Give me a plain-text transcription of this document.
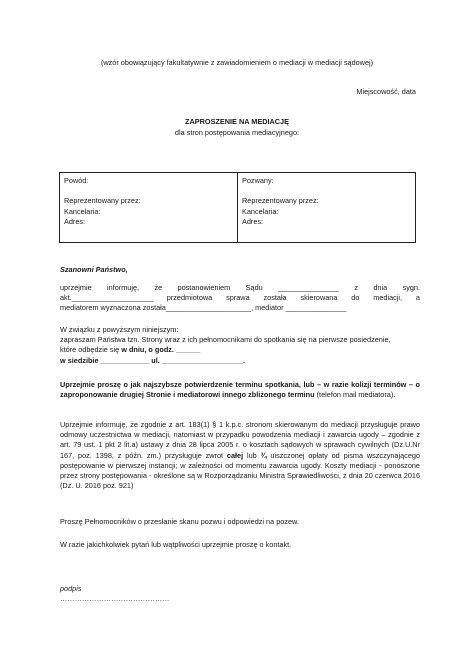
(wzór obowiązujący fakultatywnie z zawiadomieniem o mediacji w mediacji sądowej)
Miejscowość, data
ZAPROSZENIE NA MEDIACJĘ
dla stron postępowania mediacyjnego:
Powód:
Reprezentowany przez:
Kancelaria:
Adres:
Pozwany:
Reprezentowany przez:
Kancelaria:
Adres:
Szanowni Państwo,
uprzejmie informuję, że postanowieniem Sądu _______________ z dnia sygn.
akt.____________________ przedmiotowa sprawa została skierowana do mediacji, a
mediatorem wyznaczona została_____________________, mediator _______________
W związku z powyższym niniejszym:
zapraszam Państwa tzn. Strony wraz z ich pełnomocnikami do spotkania się na pierwsze posiedzenie,
które odbędzie się w dniu, o godz. ______
w siedzibie ____________ ul. ____________________.
Uprzejmie proszę o jak najszybsze potwierdzenie terminu spotkania, lub – w razie kolizji terminów – o zaproponowanie drugiej Stronie i mediatorowi innego zbliżonego terminu (telefon mail mediatora).
Uprzejmie informuję, że zgodnie z art. 183(1) § 1 k.p.c. stronom skierowanym do mediacji przysługuje prawo odmowy uczestnictwa w mediacji, natomiast w przypadku powodzenia mediacji i zawarcia ugody – zgodnie z art. 79 ust. 1 pkt 2 lit.a) ustawy z dnia 28 lipca 2005 r. o kosztach sądowych w sprawach cywilnych (Dz.U.Nr 167, poz. 1398, z późn. zm.) przysługuje zwrot całej lub ¾ uiszczonej opłaty od pisma wszczynającego postępowanie w pierwszej instancji; w zależności od momentu zawarcia ugody. Koszty mediacji - ponoszone przez strony postępowania - określone są w Rozporządzaniu Ministra Sprawiedliwości, z dnia 20 czerwca 2016 (Dz. U. 2016 poz. 921)
Proszę Pełnomocników o przesłanie skanu pozwu i odpowiedzi na pozew.
W razie jakichkolwiek pytań lub wątpliwości uprzejmie proszę o kontakt.
podpis
………………………………………
